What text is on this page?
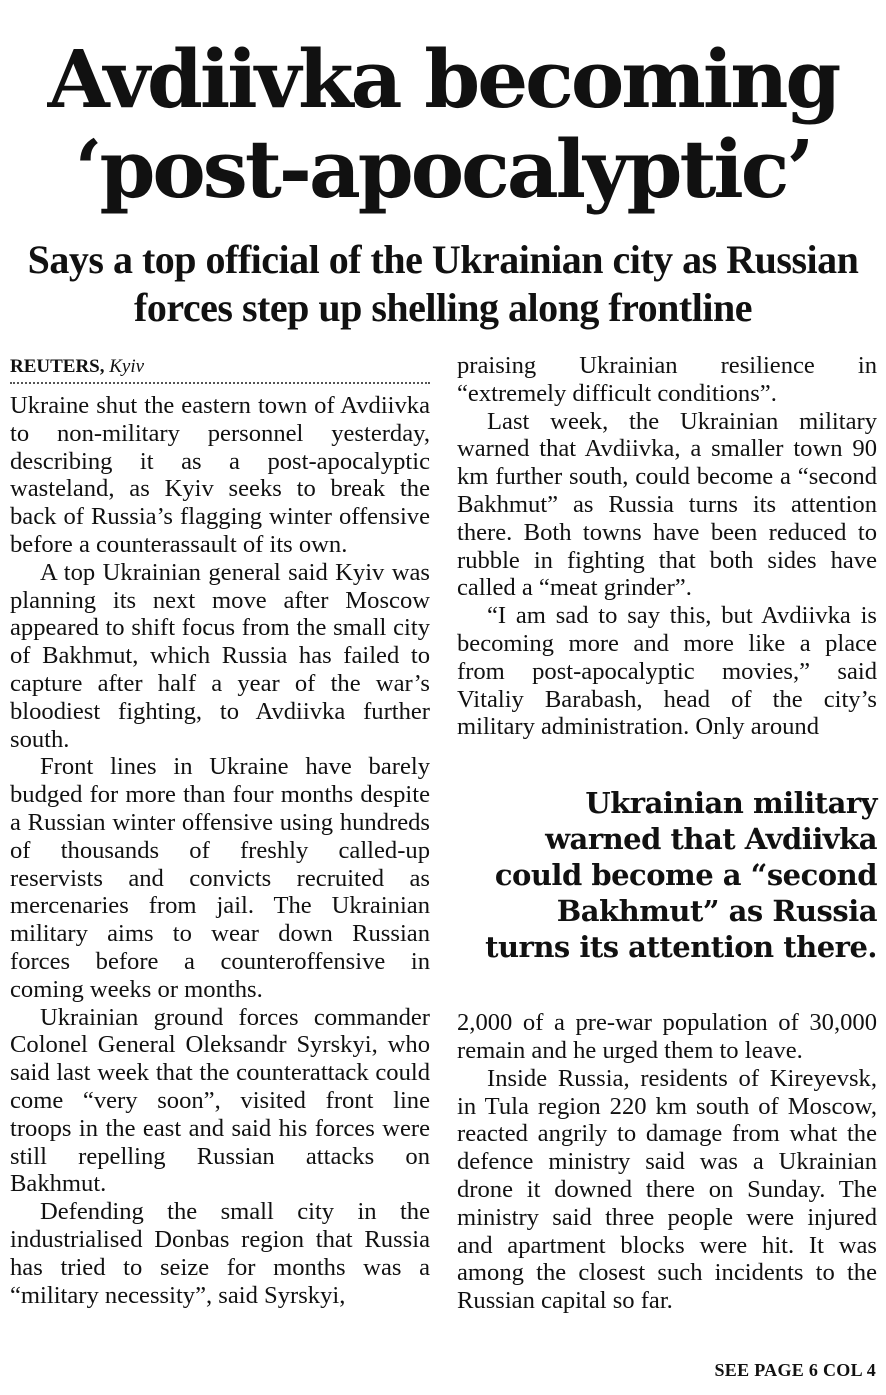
Avdiivka becoming
‘post-apocalyptic’
Says a top official of the Ukrainian city as Russian
forces step up shelling along frontline
REUTERS, Kyiv

Ukraine shut the eastern town of Avdiivka to non-military personnel yesterday, describing it as a post-apocalyptic wasteland, as Kyiv seeks to break the back of Russia’s flagging winter offensive before a counterassault of its own.

A top Ukrainian general said Kyiv was planning its next move after Moscow appeared to shift focus from the small city of Bakhmut, which Russia has failed to capture after half a year of the war’s bloodiest fighting, to Avdiivka further south.

Front lines in Ukraine have barely budged for more than four months despite a Russian winter offensive using hundreds of thousands of freshly called-up reservists and convicts recruited as mercenaries from jail. The Ukrainian military aims to wear down Russian forces before a counteroffensive in coming weeks or months.

Ukrainian ground forces commander Colonel General Oleksandr Syrskyi, who said last week that the counterattack could come “very soon”, visited front line troops in the east and said his forces were still repelling Russian attacks on Bakhmut.

Defending the small city in the industrialised Donbas region that Russia has tried to seize for months was a “military necessity”, said Syrskyi,

praising Ukrainian resilience in “extremely difficult conditions”.

Last week, the Ukrainian military warned that Avdiivka, a smaller town 90 km further south, could become a “second Bakhmut” as Russia turns its attention there. Both towns have been reduced to rubble in fighting that both sides have called a “meat grinder”.

“I am sad to say this, but Avdiivka is becoming more and more like a place from post-apocalyptic movies,” said Vitaliy Barabash, head of the city’s military administration. Only around

Ukrainian military
warned that Avdiivka
could become a “second
Bakhmut” as Russia
turns its attention there.

2,000 of a pre-war population of 30,000 remain and he urged them to leave.

Inside Russia, residents of Kireyevsk, in Tula region 220 km south of Moscow, reacted angrily to damage from what the defence ministry said was a Ukrainian drone it downed there on Sunday. The ministry said three people were injured and apartment blocks were hit. It was among the closest such incidents to the Russian capital so far.

SEE PAGE 6 COL 4
